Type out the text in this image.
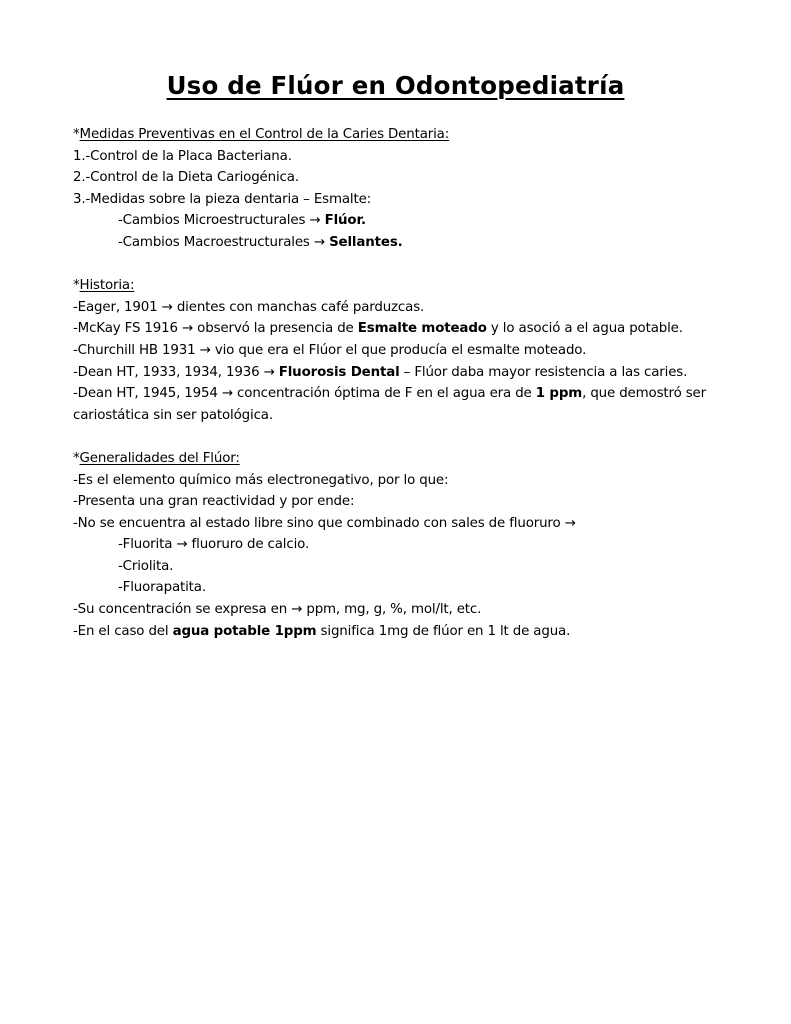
Uso de Flúor en Odontopediatría
*Medidas Preventivas en el Control de la Caries Dentaria:
1.-Control de la Placa Bacteriana.
2.-Control de la Dieta Cariogénica.
3.-Medidas sobre la pieza dentaria – Esmalte:
-Cambios Microestructurales → Flúor.
-Cambios Macroestructurales → Sellantes.
*Historia:
-Eager, 1901 → dientes con manchas café parduzcas.
-McKay FS 1916 → observó la presencia de Esmalte moteado y lo asoció a el agua potable.
-Churchill HB 1931 → vio que era el Flúor el que producía el esmalte moteado.
-Dean HT, 1933, 1934, 1936 → Fluorosis Dental – Flúor daba mayor resistencia a las caries.
-Dean HT, 1945, 1954 → concentración óptima de F en el agua era de 1 ppm, que demostró ser cariostática sin ser patológica.
*Generalidades del Flúor:
-Es el elemento químico más electronegativo, por lo que:
-Presenta una gran reactividad y por ende:
-No se encuentra al estado libre sino que combinado con sales de fluoruro →
-Fluorita → fluoruro de calcio.
-Criolita.
-Fluorapatita.
-Su concentración se expresa en → ppm, mg, g, %, mol/lt, etc.
-En el caso del agua potable 1ppm significa 1mg de flúor en 1 lt de agua.
